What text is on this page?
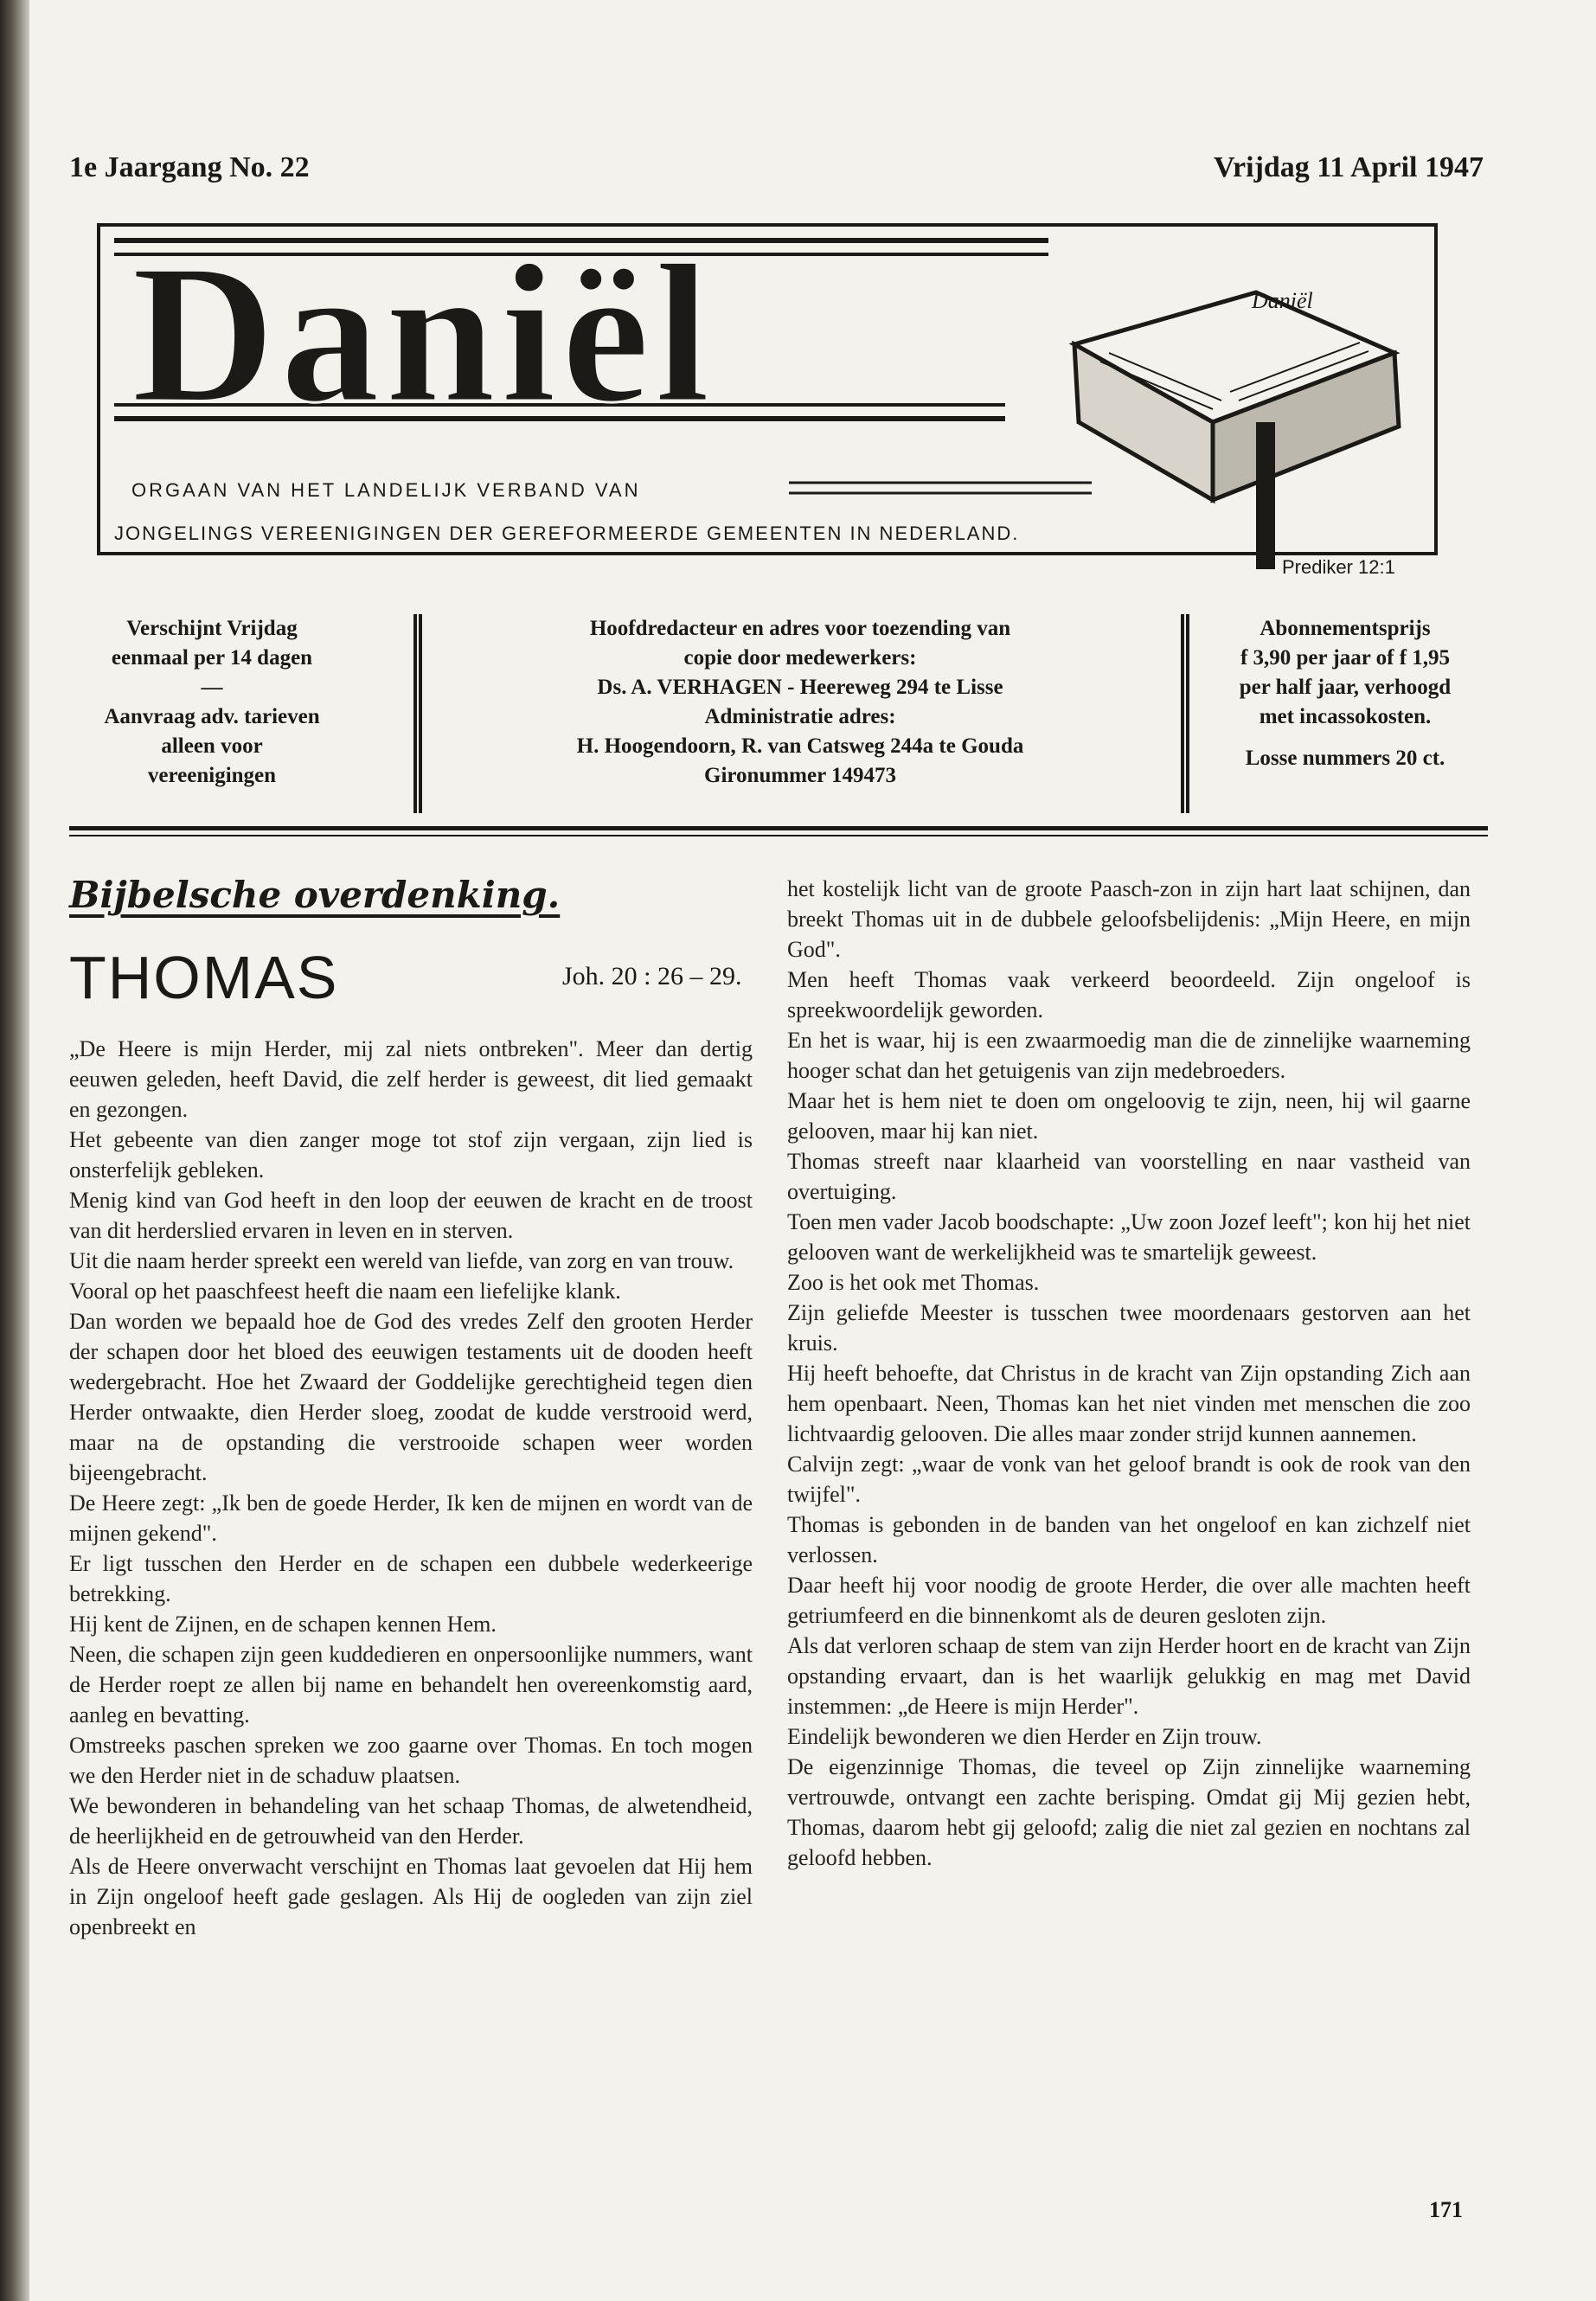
1e Jaargang No. 22	Vrijdag 11 April 1947
Daniël	Daniël
ORGAAN VAN HET LANDELIJK VERBAND VAN
JONGELINGS VEREENIGINGEN DER GEREFORMEERDE GEMEENTEN IN NEDERLAND.
Prediker 12:1
Verschijnt Vrijdag
eenmaal per 14 dagen
—
Aanvraag adv. tarieven
alleen voor
vereenigingen
Hoofdredacteur en adres voor toezending van
copie door medewerkers:
Ds. A. VERHAGEN - Heereweg 294 te Lisse
Administratie adres:
H. Hoogendoorn, R. van Catsweg 244a te Gouda
Gironummer 149473
Abonnementsprijs
f 3,90 per jaar of f 1,95
per half jaar, verhoogd
met incassokosten.
Losse nummers 20 ct.
Bijbelsche overdenking.
THOMAS	Joh. 20 : 26 – 29.

„De Heere is mijn Herder, mij zal niets ontbreken". Meer dan dertig eeuwen geleden, heeft David, die zelf herder is geweest, dit lied gemaakt en gezongen.

Het gebeente van dien zanger moge tot stof zijn vergaan, zijn lied is onsterfelijk gebleken.

Menig kind van God heeft in den loop der eeuwen de kracht en de troost van dit herderslied ervaren in leven en in sterven.

Uit die naam herder spreekt een wereld van liefde, van zorg en van trouw.

Vooral op het paaschfeest heeft die naam een liefelijke klank.

Dan worden we bepaald hoe de God des vredes Zelf den grooten Herder der schapen door het bloed des eeuwigen testaments uit de dooden heeft wedergebracht. Hoe het Zwaard der Goddelijke gerechtigheid tegen dien Herder ontwaakte, dien Herder sloeg, zoodat de kudde verstrooid werd, maar na de opstanding die verstrooide schapen weer worden bijeengebracht.

De Heere zegt: „Ik ben de goede Herder, Ik ken de mijnen en wordt van de mijnen gekend".

Er ligt tusschen den Herder en de schapen een dubbele wederkeerige betrekking.

Hij kent de Zijnen, en de schapen kennen Hem.

Neen, die schapen zijn geen kuddedieren en onpersoonlijke nummers, want de Herder roept ze allen bij name en behandelt hen overeenkomstig aard, aanleg en bevatting.

Omstreeks paschen spreken we zoo gaarne over Thomas. En toch mogen we den Herder niet in de schaduw plaatsen.

We bewonderen in behandeling van het schaap Thomas, de alwetendheid, de heerlijkheid en de getrouwheid van den Herder.

Als de Heere onverwacht verschijnt en Thomas laat gevoelen dat Hij hem in Zijn ongeloof heeft gade geslagen. Als Hij de oogleden van zijn ziel openbreekt en

het kostelijk licht van de groote Paasch-zon in zijn hart laat schijnen, dan breekt Thomas uit in de dubbele geloofsbelijdenis: „Mijn Heere, en mijn God".

Men heeft Thomas vaak verkeerd beoordeeld. Zijn ongeloof is spreekwoordelijk geworden.

En het is waar, hij is een zwaarmoedig man die de zinnelijke waarneming hooger schat dan het getuigenis van zijn medebroeders.

Maar het is hem niet te doen om ongeloovig te zijn, neen, hij wil gaarne gelooven, maar hij kan niet.

Thomas streeft naar klaarheid van voorstelling en naar vastheid van overtuiging.

Toen men vader Jacob boodschapte: „Uw zoon Jozef leeft"; kon hij het niet gelooven want de werkelijkheid was te smartelijk geweest.

Zoo is het ook met Thomas.

Zijn geliefde Meester is tusschen twee moordenaars gestorven aan het kruis.

Hij heeft behoefte, dat Christus in de kracht van Zijn opstanding Zich aan hem openbaart. Neen, Thomas kan het niet vinden met menschen die zoo lichtvaardig gelooven. Die alles maar zonder strijd kunnen aannemen.

Calvijn zegt: „waar de vonk van het geloof brandt is ook de rook van den twijfel".

Thomas is gebonden in de banden van het ongeloof en kan zichzelf niet verlossen.

Daar heeft hij voor noodig de groote Herder, die over alle machten heeft getriumfeerd en die binnenkomt als de deuren gesloten zijn.

Als dat verloren schaap de stem van zijn Herder hoort en de kracht van Zijn opstanding ervaart, dan is het waarlijk gelukkig en mag met David instemmen: „de Heere is mijn Herder".

Eindelijk bewonderen we dien Herder en Zijn trouw.

De eigenzinnige Thomas, die teveel op Zijn zinnelijke waarneming vertrouwde, ontvangt een zachte berisping. Omdat gij Mij gezien hebt, Thomas, daarom hebt gij geloofd; zalig die niet zal gezien en nochtans zal geloofd hebben.

171
